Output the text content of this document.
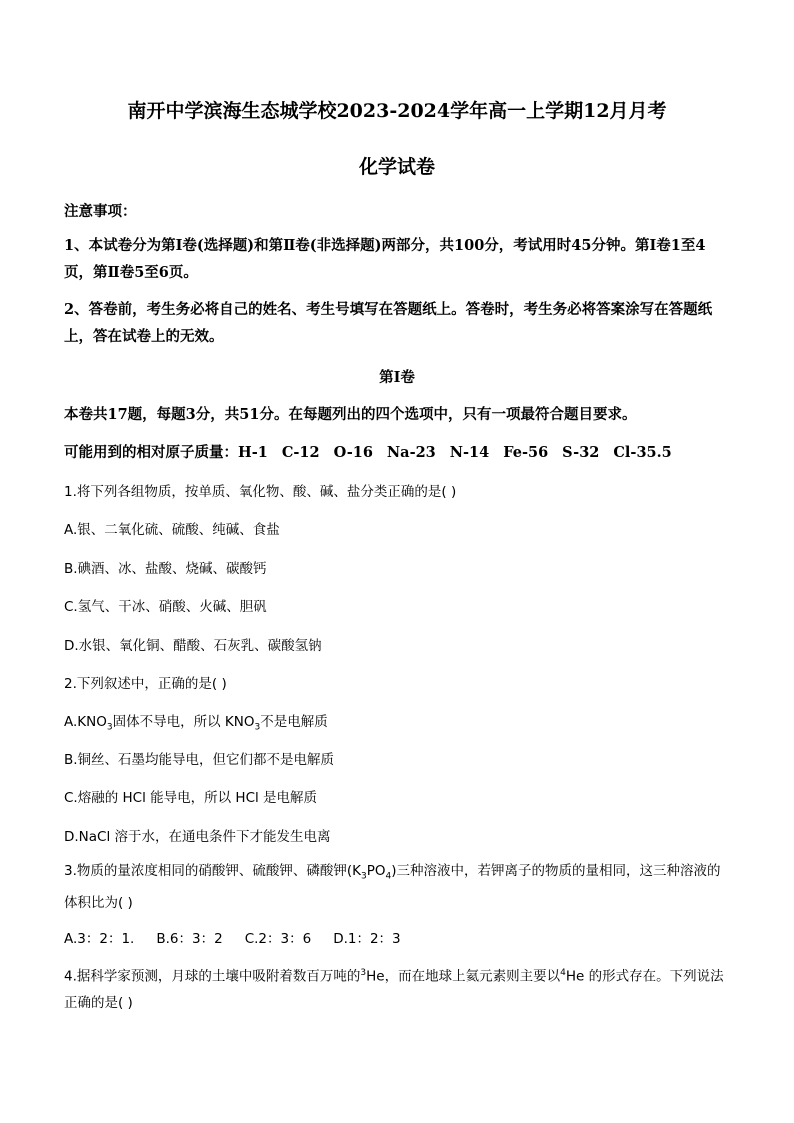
南开中学滨海生态城学校2023-2024学年高一上学期12月月考
化学试卷
注意事项：
1、本试卷分为第Ⅰ卷(选择题)和第Ⅱ卷(非选择题)两部分，共100分，考试用时45分钟。第Ⅰ卷1至4页，第Ⅱ卷5至6页。
2、答卷前，考生务必将自己的姓名、考生号填写在答题纸上。答卷时，考生务必将答案涂写在答题纸上，答在试卷上的无效。
第Ⅰ卷
本卷共17题，每题3分，共51分。在每题列出的四个选项中，只有一项最符合题目要求。
可能用到的相对原子质量：H-1 C-12 O-16 Na-23 N-14 Fe-56 S-32 Cl-35.5
1.将下列各组物质，按单质、氧化物、酸、碱、盐分类正确的是( )
A.银、二氧化硫、硫酸、纯碱、食盐
B.碘酒、冰、盐酸、烧碱、碳酸钙
C.氢气、干冰、硝酸、火碱、胆矾
D.水银、氧化铜、醋酸、石灰乳、碳酸氢钠
2.下列叙述中，正确的是( )
$A.KNO_3$固体不导电，所以 $KNO_3$不是电解质
B.铜丝、石墨均能导电，但它们都不是电解质
C.熔融的 HCl 能导电，所以 HCl 是电解质
D.NaCl 溶于水，在通电条件下才能发生电离
3.物质的量浓度相同的硝酸钾、硫酸钾、磷酸钾$(K_3PO_4)$三种溶液中，若钾离子的物质的量相同，这三种溶液的体积比为( )
A.3：2：1. B.6：3：2 C.2：3：6 D.1：2：3
4.据科学家预测，月球的土壤中吸附着数百万吨的$^3$He，而在地球上氦元素则主要以$^4$He 的形式存在。下列说法正确的是( )
